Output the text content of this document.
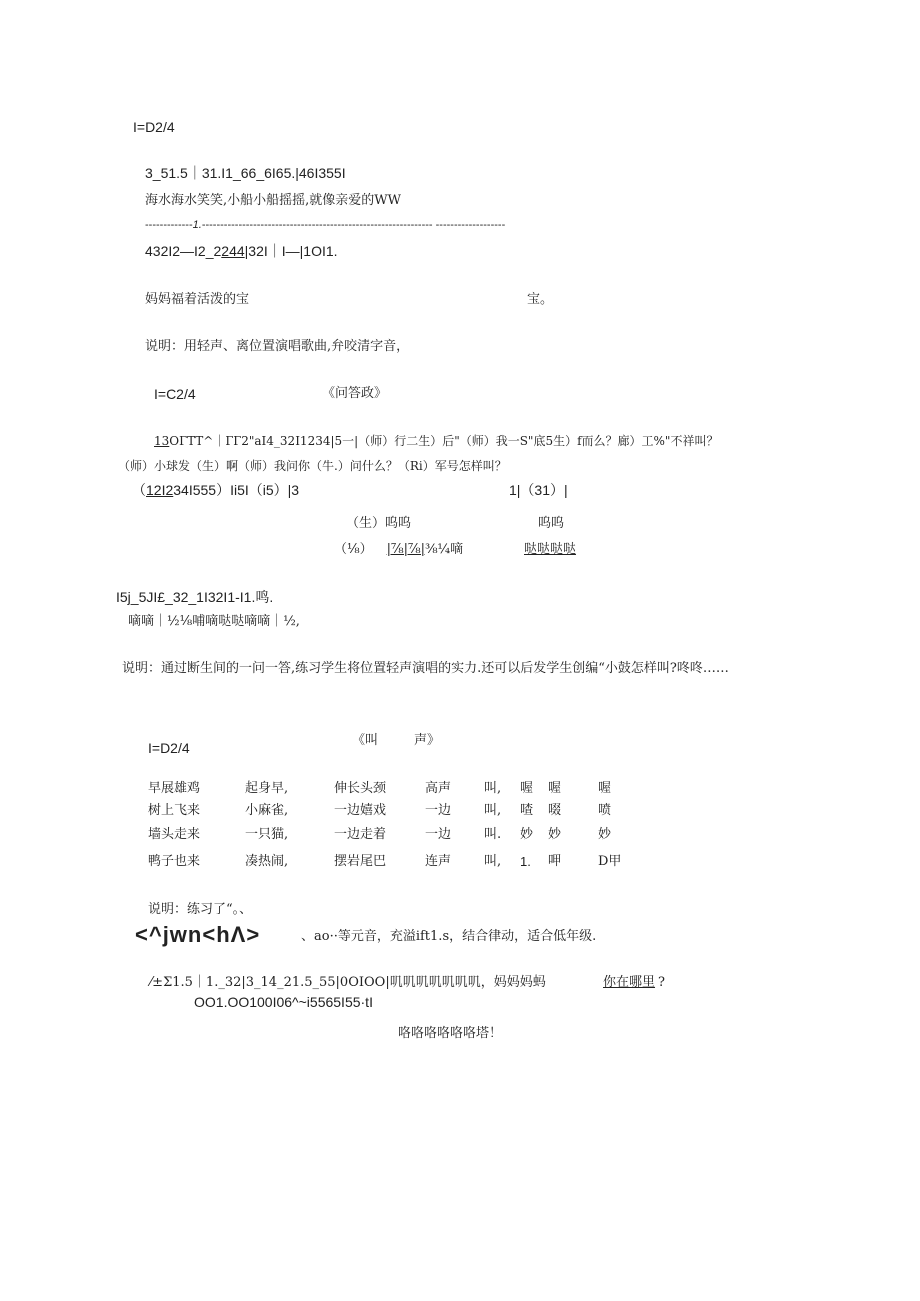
I=D2/4
3_51.5｜31.I1_66_6I65.|46I355I
海水海水笑笑,小船小船摇摇,就像亲爱的WW
-------------1.--------------------------------------------------------------- -------------------
432I2—I2_2244|32I｜I—|1OI1.
妈妈福着活泼的宝	宝。
说明：用轻声、离位置演唱歌曲,弁咬清字音，
I=C2/4	《问答政》
13OГTT^｜ГГ2"aI4_32I1234|5一|（师）行二生）后"（师）我一S"底5生）f而么？廊）工%"不祥叫？
（师）小球发（生）啊（师）我问你（牛.）问什么？（Ri）军号怎样叫？
（12I234I555）Ii5I（i5）|3	1|（31）|
（生）呜呜	呜呜
（⅛） |⅞|⅞|⅜¼嘀	哒哒哒哒
I5j_5JI£_32_1I32I1-I1.鸣.
嘀嘀｜½⅛哺嘀哒哒嘀嘀｜½,
说明：通过断生间的一问一答,练习学生将位置轻声演唱的实力.还可以后发学生创编“小鼓怎样叫?咚咚……
I=D2/4	《叫	声》
早展雄鸡	起身早,	伸长头颈	高声	叫, 喔 喔	喔
树上飞来	小麻雀,	一边嬉戏	一边	叫, 喳 啜	喷
墙头走来	一只猫,	一边走着	一边	叫. 妙 妙	妙
鸭子也来	凑热闹,	摆岩尾巴	连声	叫, 1. 呷	D甲
说明：练习了“。、
<^jwn<hΛ>	、ao··等元音，充溢ift1.s，结合律动，适合低年级.
⁄±Σ1.5｜1._32|3_14_21.5_55|0OIOO|叽叽叽叽叽叽叽，妈妈妈蚂	你在哪里 ?
OO1.OO100I06^~i5565I55·tI
咯咯咯咯咯咯塔！
